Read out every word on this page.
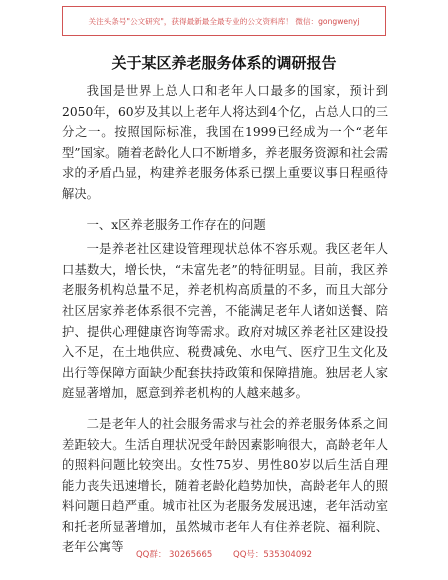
关注头条号"公文研究"，获得最新最全最专业的公文资料库！ 微信：gongwenyj
关于某区养老服务体系的调研报告

我国是世界上总人口和老年人口最多的国家，预计到2050年，60岁及其以上老年人将达到4个亿，占总人口的三分之一。按照国际标准，我国在1999已经成为一个“老年型”国家。随着老龄化人口不断增多，养老服务资源和社会需求的矛盾凸显，构建养老服务体系已摆上重要议事日程亟待解决。

一、x区养老服务工作存在的问题

一是养老社区建设管理现状总体不容乐观。我区老年人口基数大，增长快，“未富先老”的特征明显。目前，我区养老服务机构总量不足，养老机构高质量的不多，而且大部分社区居家养老体系很不完善，不能满足老年人诸如送餐、陪护、提供心理健康咨询等需求。政府对城区养老社区建设投入不足，在土地供应、税费减免、水电气、医疗卫生文化及出行等保障方面缺少配套扶持政策和保障措施。独居老人家庭显著增加，愿意到养老机构的人越来越多。

二是老年人的社会服务需求与社会的养老服务体系之间差距较大。生活自理状况受年龄因素影响很大，高龄老年人的照料问题比较突出。女性75岁、男性80岁以后生活自理能力丧失迅速增长，随着老龄化趋势加快，高龄老年人的照料问题日趋严重。城市社区为老服务发展迅速，老年活动室和托老所显著增加，虽然城市老年人有住养老院、福利院、老年公寓等

QQ群： 30265665 QQ号：535304092
